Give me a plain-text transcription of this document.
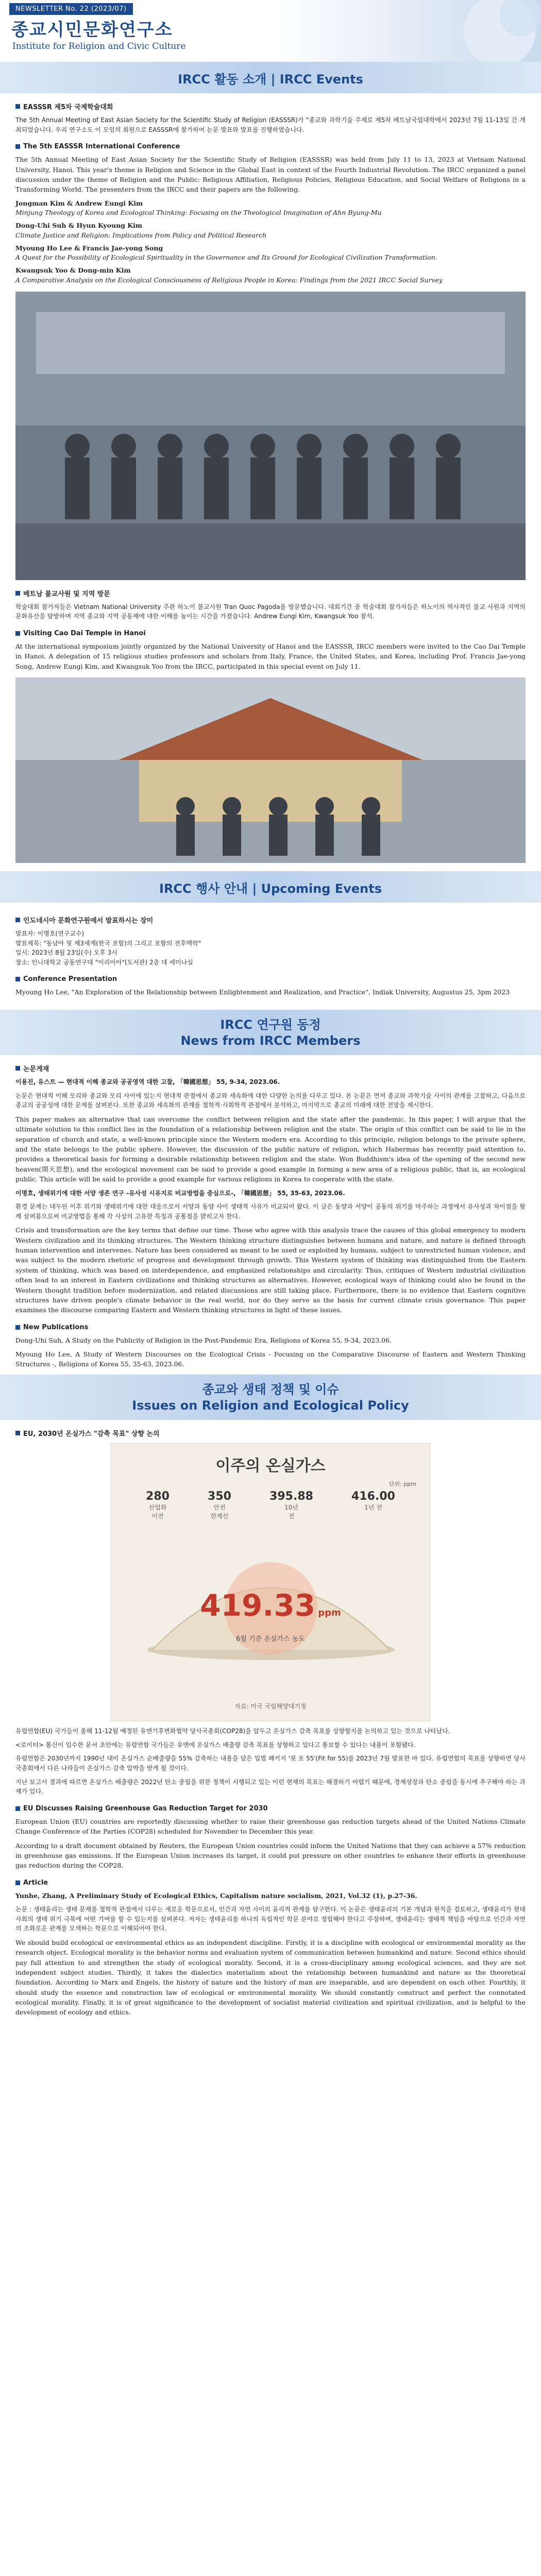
NEWSLETTER No. 22 (2023/07)
종교시민문화연구소
Institute for Religion and Civic Culture
IRCC 활동 소개 | IRCC Events
EASSSR 제5차 국제학술대회

The 5th Annual Meeting of East Asian Society for the Scientific Study of Religion (EASSSR)가 "종교와 과학기술 주제로 제5차 베트남국립대학에서 2023년 7월 11-13일 간 개최되었습니다. 우리 연구소도 이 모임의 회원으로 EASSSR에 참가하여 논문 발표와 발표를 진행하였습니다.

The 5th EASSSR International Conference

The 5th Annual Meeting of East Asian Society for the Scientific Study of Religion (EASSSR) was held from July 11 to 13, 2023 at Vietnam National University, Hanoi. This year's theme is Religion and Science in the Global East in context of the Fourth Industrial Revolution. The IRCC organized a panel discussion under the theme of Religion and the Public: Religious Affiliation, Religious Policies, Religious Education, and Social Welfare of Religions in a Transforming World. The presenters from the IRCC and their papers are the following.

Jongman Kim & Andrew Eungi Kim
Minjung Theology of Korea and Ecological Thinking: Focusing on the Theological Imagination of Ahn Byung-Mu
Dong-Uhi Suh & Hyun Kyoung Kim
Climate Justice and Religion: Implications from Policy and Political Research
Myoung Ho Lee & Francis Jae-yong Song
A Quest for the Possibility of Ecological Spirituality in the Governance and Its Ground for Ecological Civilization Transformation.
Kwangsuk Yoo & Dong-min Kim
A Comparative Analysis on the Ecological Consciousness of Religious People in Korea: Findings from the 2021 IRCC Social Survey
베트남 불교사원 및 지역 방문

학술대회 참가자들은 Vietnam National University 주관 하노이 불교사원 Tran Quoc Pagoda를 방문했습니다. 대회기간 중 학술대회 참가자들은 하노이의 역사적인 불교 사원과 지역의 문화유산을 탐방하며 지역 종교와 지역 공동체에 대한 이해를 높이는 시간을 가졌습니다. Andrew Eungi Kim, Kwangsuk Yoo 참석.

Visiting Cao Dai Temple in Hanoi

At the international symposium jointly organized by the National University of Hanoi and the EASSSR, IRCC members were invited to the Cao Dai Temple in Hanoi. A delegation of 15 religious studies professors and scholars from Italy, France, the United States, and Korea, including Prof. Francis Jae-yong Song, Andrew Eungi Kim, and Kwangsuk Yoo from the IRCC, participated in this special event on July 11.

IRCC 행사 안내 | Upcoming Events
인도네시아 문화연구원에서 발표하시는 장미

발표자: 이명호(연구교수)
발표제목: "동남아 및 제3세계(한국 포함)의 그리고 포함의 전후맥락"
일시: 2023년 8월 23일(수) 오후 3시
장소: 인니대학교 공동연구대 "이리이아"(도서관) 2층 대 세미나실

Conference Presentation

Myoung Ho Lee, "An Exploration of the Relationship between Enlightenment and Realization, and Practice", Indiak University, Augustus 25, 3pm 2023

IRCC 연구원 동정
News from IRCC Members
논문게재

이용진, 유스트 — 현대적 이해 종교와 공공영역 대한 고찰, 「韓國思想」 55, 9-34, 2023.06.

논문은 현대적 이해 모리와 종교와 모리 사이에 있는지 현대적 관점에서 종교와 세속화에 대한 다양한 논의를 다루고 있다. 본 논문은 먼저 종교와 과학기술 사이의 관계를 고찰하고, 다음으로 종교의 공공성에 대한 문제를 살펴본다. 또한 종교와 세속화의 관계를 철학적·사회학적 관점에서 분석하고, 마지막으로 종교의 미래에 대한 전망을 제시한다.

This paper makes an alternative that can overcome the conflict between religion and the state after the pandemic. In this paper, I will argue that the ultimate solution to this conflict lies in the foundation of a relationship between religion and the state. The origin of this conflict can be said to lie in the separation of church and state, a well-known principle since the Western modern era. According to this principle, religion belongs to the private sphere, and the state belongs to the public sphere. However, the discussion of the public nature of religion, which Habermas has recently paid attention to, provides a theoretical basis for forming a desirable relationship between religion and the state. Won Buddhism's idea of the opening of the second new heaven(開天思想), and the ecological movement can be said to provide a good example in forming a new area of a religious public, that is, an ecological public. This article will be said to provide a good example for various religions in Korea to cooperate with the state.

이명호, 생태위기에 대한 서양 생존 연구 -유사성 시유지로 비교방법을 중심으로-, 「韓國思想」 55, 35-63, 2023.06.

환경 문제는 대두된 이후 위기와 생태위기에 대한 대응으로서 서양과 동양 사이 생태적 사유가 비교되어 왔다. 이 글은 동양과 서양이 공동의 위기를 마주하는 과정에서 유사성과 차이점을 함께 살펴봄으로써 비교방법을 통해 각 사상의 고유한 특징과 공통점을 밝히고자 한다.

Crisis and transformation are the key terms that define our time. Those who agree with this analysis trace the causes of this global emergency to modern Western civilization and its thinking structures. The Western thinking structure distinguishes between humans and nature, and nature is defined through human intervention and intervenes. Nature has been considered as meant to be used or exploited by humans, subject to unrestricted human violence, and was subject to the modern rhetoric of progress and development through growth. This Western system of thinking was distinguished from the Eastern system of thinking, which was based on interdependence, and emphasized relationships and circularity. Thus, critiques of Western industrial civilization often lead to an interest in Eastern civilizations and thinking structures as alternatives. However, ecological ways of thinking could also be found in the Western thought tradition before modernization, and related discussions are still taking place. Furthermore, there is no evidence that Eastern cognitive structures have driven people's climate behavior in the real world, nor do they serve as the basis for current climate crisis governance. This paper examines the discourse comparing Eastern and Western thinking structures in light of these issues.

New Publications

Dong-Uhi Suh, A Study on the Publicity of Religion in the Post-Pandemic Era, Religions of Korea 55, 9-34, 2023.06.

Myoung Ho Lee, A Study of Western Discourses on the Ecological Crisis - Focusing on the Comparative Discourse of Eastern and Western Thinking Structures -, Religions of Korea 55, 35-63, 2023.06.

종교와 생태 정책 및 이슈
Issues on Religion and Ecological Policy
EU, 2030년 온실가스 "감축 목표" 상향 논의
이주의 온실가스
단위: ppm
280
산업화
이전
350
안전
한계선
395.88
10년
전
416.00
1년 전
419.33 ppm
6월 기준 온실가스 농도
자료: 미국 국립해양대기청

유럽연합(EU) 국가들이 올해 11-12월 예정된 유엔기후변화협약 당사국총회(COP28)을 앞두고 온실가스 감축 목표를 상향할지를 논의하고 있는 것으로 나타났다.

<로이터> 통신이 입수한 문서 초안에는 유럽연합 국가들은 유엔에 온실가스 배출량 감축 목표를 상향하고 있다고 통보할 수 있다는 내용이 포함됐다.

유럽연합은 2030년까지 1990년 대비 온실가스 순배출량을 55% 감축하는 내용을 담은 입법 패키지 '핏 포 55'(Fit for 55)를 2023년 7월 발표한 바 있다. 유럽연합의 목표를 상향하면 당사국총회에서 다른 나라들이 온실가스 감축 압박을 받게 될 것이다.

지난 보고서 결과에 따르면 온실가스 배출량은 2022년 탄소 중립을 위한 정책이 시행되고 있는 이런 현재의 목표는 해결하기 어렵기 때문에, 경제성장과 탄소 중립을 동시에 추구해야 하는 과제가 있다.

EU Discusses Raising Greenhouse Gas Reduction Target for 2030

European Union (EU) countries are reportedly discussing whether to raise their greenhouse gas reduction targets ahead of the United Nations Climate Change Conference of the Parties (COP28) scheduled for November to December this year.

According to a draft document obtained by Reuters, the European Union countries could inform the United Nations that they can achieve a 57% reduction in greenhouse gas emissions. If the European Union increases its target, it could put pressure on other countries to enhance their efforts in greenhouse gas reduction during the COP28.

Article

Yunhe, Zhang, A Preliminary Study of Ecological Ethics, Capitalism nature socialism, 2021, Vol.32 (1), p.27-36.

논문 : 생태윤리는 생태 문제를 철학적 관점에서 다루는 새로운 학문으로서, 인간과 자연 사이의 윤리적 관계를 탐구한다. 이 논문은 생태윤리의 기본 개념과 원칙을 검토하고, 생태윤리가 현대 사회의 생태 위기 극복에 어떤 기여를 할 수 있는지를 살펴본다. 저자는 생태윤리를 하나의 독립적인 학문 분야로 정립해야 한다고 주장하며, 생태윤리는 생태적 책임을 바탕으로 인간과 자연의 조화로운 관계를 모색하는 학문으로 이해되어야 한다.

We should build ecological or environmental ethics as an independent discipline. Firstly, it is a discipline with ecological or environmental morality as the research object. Ecological morality is the behavior norms and evaluation system of communication between humankind and nature. Second ethics should pay full attention to and strengthen the study of ecological morality. Second, it is a cross-disciplinary among ecological sciences, and they are not independent subject studies. Thirdly, it takes the dialectics materialism about the relationship between humankind and nature as the theoretical foundation. According to Marx and Engels, the history of nature and the history of man are inseparable, and are dependent on each other. Fourthly, it should study the essence and construction law of ecological or environmental morality. We should constantly construct and perfect the connotated ecological morality. Finally, it is of great significance to the development of socialist material civilization and spiritual civilization, and is helpful to the development of ecology and ethics.
